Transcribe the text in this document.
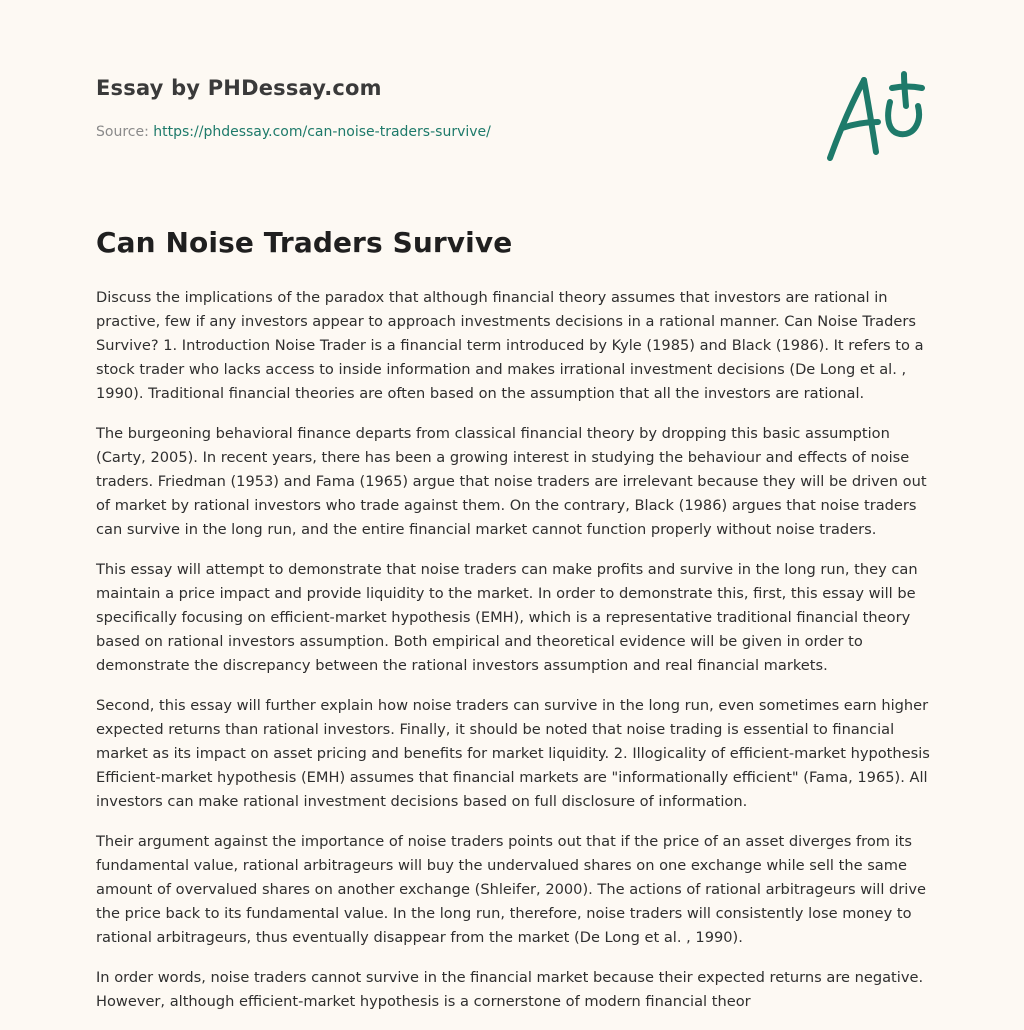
Essay by PHDessay.com
Source: https://phdessay.com/can-noise-traders-survive/
Can Noise Traders Survive

Discuss the implications of the paradox that although financial theory assumes that investors are rational in practive, few if any investors appear to approach investments decisions in a rational manner. Can Noise Traders Survive? 1. Introduction Noise Trader is a financial term introduced by Kyle (1985) and Black (1986). It refers to a stock trader who lacks access to inside information and makes irrational investment decisions (De Long et al. , 1990). Traditional financial theories are often based on the assumption that all the investors are rational.

The burgeoning behavioral finance departs from classical financial theory by dropping this basic assumption (Carty, 2005). In recent years, there has been a growing interest in studying the behaviour and effects of noise traders. Friedman (1953) and Fama (1965) argue that noise traders are irrelevant because they will be driven out of market by rational investors who trade against them. On the contrary, Black (1986) argues that noise traders can survive in the long run, and the entire financial market cannot function properly without noise traders.

This essay will attempt to demonstrate that noise traders can make profits and survive in the long run, they can maintain a price impact and provide liquidity to the market. In order to demonstrate this, first, this essay will be specifically focusing on efficient-market hypothesis (EMH), which is a representative traditional financial theory based on rational investors assumption. Both empirical and theoretical evidence will be given in order to demonstrate the discrepancy between the rational investors assumption and real financial markets.

Second, this essay will further explain how noise traders can survive in the long run, even sometimes earn higher expected returns than rational investors. Finally, it should be noted that noise trading is essential to financial market as its impact on asset pricing and benefits for market liquidity. 2. Illogicality of efficient-market hypothesis Efficient-market hypothesis (EMH) assumes that financial markets are "informationally efficient" (Fama, 1965). All investors can make rational investment decisions based on full disclosure of information.

Their argument against the importance of noise traders points out that if the price of an asset diverges from its fundamental value, rational arbitrageurs will buy the undervalued shares on one exchange while sell the same amount of overvalued shares on another exchange (Shleifer, 2000). The actions of rational arbitrageurs will drive the price back to its fundamental value. In the long run, therefore, noise traders will consistently lose money to rational arbitrageurs, thus eventually disappear from the market (De Long et al. , 1990).

In order words, noise traders cannot survive in the financial market because their expected returns are negative. However, although efficient-market hypothesis is a cornerstone of modern financial theor
